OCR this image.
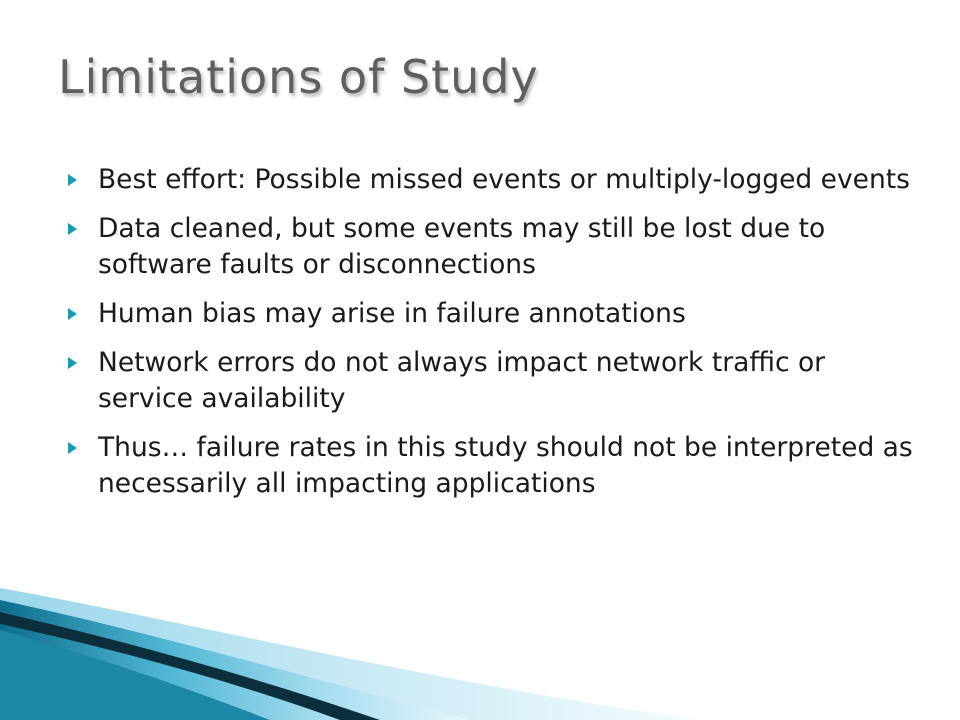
Limitations of Study
Best effort: Possible missed events or multiply-logged events
Data cleaned, but some events may still be lost due to software faults or disconnections
Human bias may arise in failure annotations
Network errors do not always impact network traffic or service availability
Thus… failure rates in this study should not be interpreted as necessarily all impacting applications
